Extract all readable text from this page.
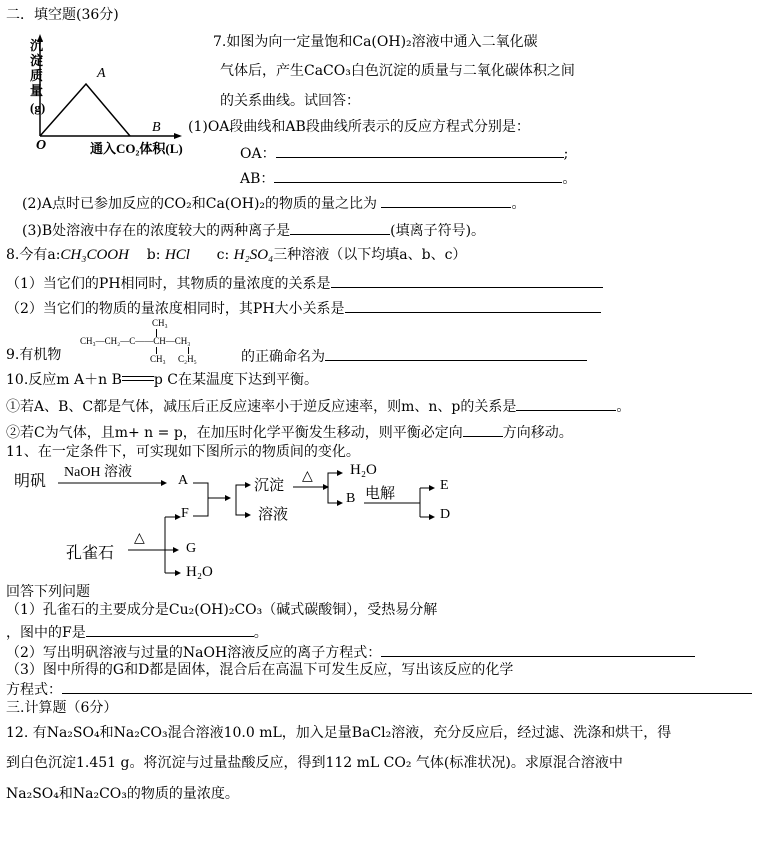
二．填空题(36分)
沉淀质量
(g)
O
A
B
通入CO₂体积(L)
7.如图为向一定量饱和Ca(OH)₂溶液中通入二氧化碳
气体后，产生CaCO₃白色沉淀的质量与二氧化碳体积之间
的关系曲线。试回答：
(1)OA段曲线和AB段曲线所表示的反应方程式分别是：
OA：	;
AB：	。
(2)A点时已参加反应的CO₂和Ca(OH)₂的物质的量之比为	。
(3)B处溶液中存在的浓度较大的两种离子是	(填离子符号)。
8.今有a:CH₃COOH b: HCl c: H₂SO₄三种溶液（以下均填a、b、c）
（1）当它们的PH相同时，其物质的量浓度的关系是
（2）当它们的物质的量浓度相同时，其PH大小关系是
CH₃
CH₃—CH₂—C——CH—CH₃
CH₃ C₂H₅
9.有机物	的正确命名为
10.反应m A＋n B p C在某温度下达到平衡。
①若A、B、C都是气体，减压后正反应速率小于逆反应速率，则m、n、p的关系是	。
②若C为气体，且m+ n = p，在加压时化学平衡发生移动，则平衡必定向	方向移动。
11、在一定条件下，可实现如下图所示的物质间的变化。
明矾
NaOH 溶液
A
F
沉淀
溶液
△ H₂O
B 电解
E
D
孔雀石
△
G
H₂O
回答下列问题
（1）孔雀石的主要成分是Cu₂(OH)₂CO₃（碱式碳酸铜），受热易分解
，图中的F是	。
（2）写出明矾溶液与过量的NaOH溶液反应的离子方程式：
（3）图中所得的G和D都是固体，混合后在高温下可发生反应，写出该反应的化学
方程式：
三.计算题（6分）
12. 有Na₂SO₄和Na₂CO₃混合溶液10.0 mL，加入足量BaCl₂溶液，充分反应后，经过滤、洗涤和烘干，得
到白色沉淀1.451 g。将沉淀与过量盐酸反应，得到112 mL CO₂ 气体(标准状况)。求原混合溶液中
Na₂SO₄和Na₂CO₃的物质的量浓度。
